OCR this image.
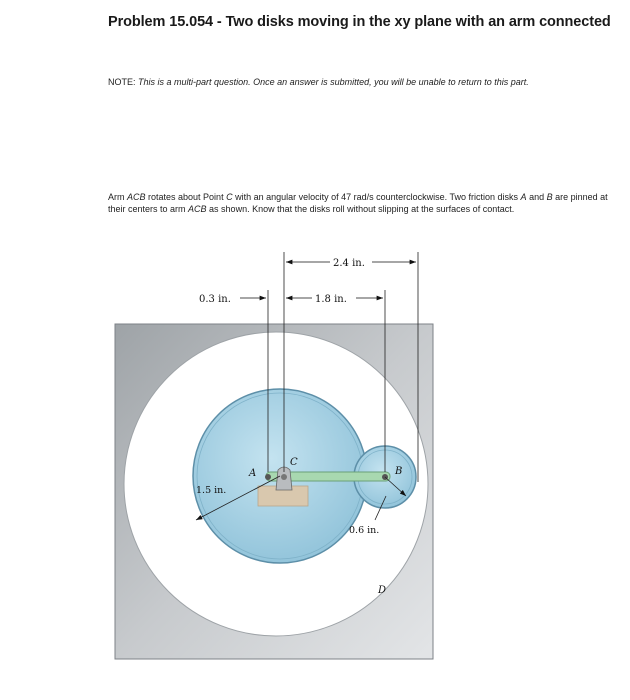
Problem 15.054 - Two disks moving in the xy plane with an arm connected
NOTE: This is a multi-part question. Once an answer is submitted, you will be unable to return to this part.
Arm ACB rotates about Point C with an angular velocity of 47 rad/s counterclockwise. Two friction disks A and B are pinned at their centers to arm ACB as shown. Know that the disks roll without slipping at the surfaces of contact.
2.4 in.
0.3 in.	1.8 in.
1.5 in.
0.6 in.
A
C
B
D
